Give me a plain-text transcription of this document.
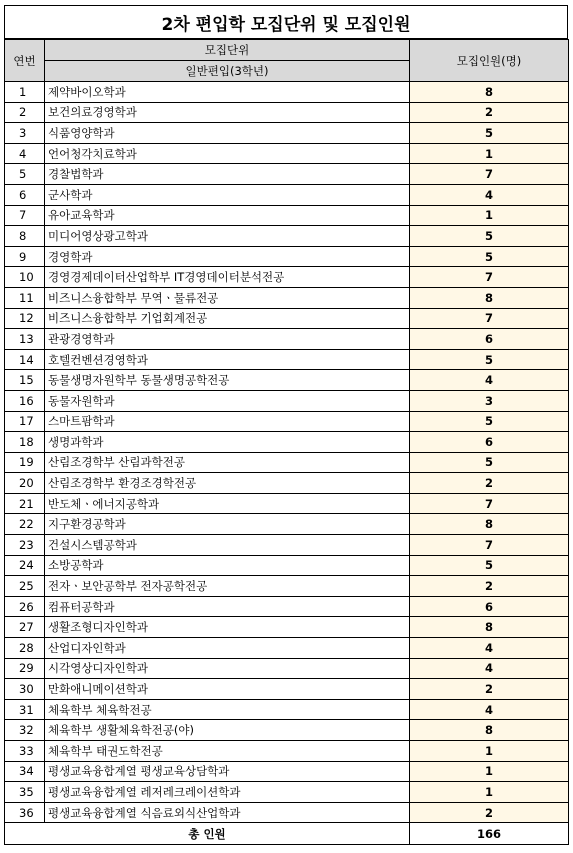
2차 편입학 모집단위 및 모집인원
연번	모집단위	모집인원(명)
	일반편입(3학년)	
1	제약바이오학과	8
2	보건의료경영학과	2
3	식품영양학과	5
4	언어청각치료학과	1
5	경찰법학과	7
6	군사학과	4
7	유아교육학과	1
8	미디어영상광고학과	5
9	경영학과	5
10	경영경제데이터산업학부 IT경영데이터분석전공	7
11	비즈니스융합학부 무역ㆍ물류전공	8
12	비즈니스융합학부 기업회계전공	7
13	관광경영학과	6
14	호텔컨벤션경영학과	5
15	동물생명자원학부 동물생명공학전공	4
16	동물자원학과	3
17	스마트팜학과	5
18	생명과학과	6
19	산림조경학부 산림과학전공	5
20	산림조경학부 환경조경학전공	2
21	반도체ㆍ에너지공학과	7
22	지구환경공학과	8
23	건설시스템공학과	7
24	소방공학과	5
25	전자ㆍ보안공학부 전자공학전공	2
26	컴퓨터공학과	6
27	생활조형디자인학과	8
28	산업디자인학과	4
29	시각영상디자인학과	4
30	만화애니메이션학과	2
31	체육학부 체육학전공	4
32	체육학부 생활체육학전공(야)	8
33	체육학부 태권도학전공	1
34	평생교육융합계열 평생교육상담학과	1
35	평생교육융합계열 레저레크레이션학과	1
36	평생교육융합계열 식음료외식산업학과	2
총 인원		166
